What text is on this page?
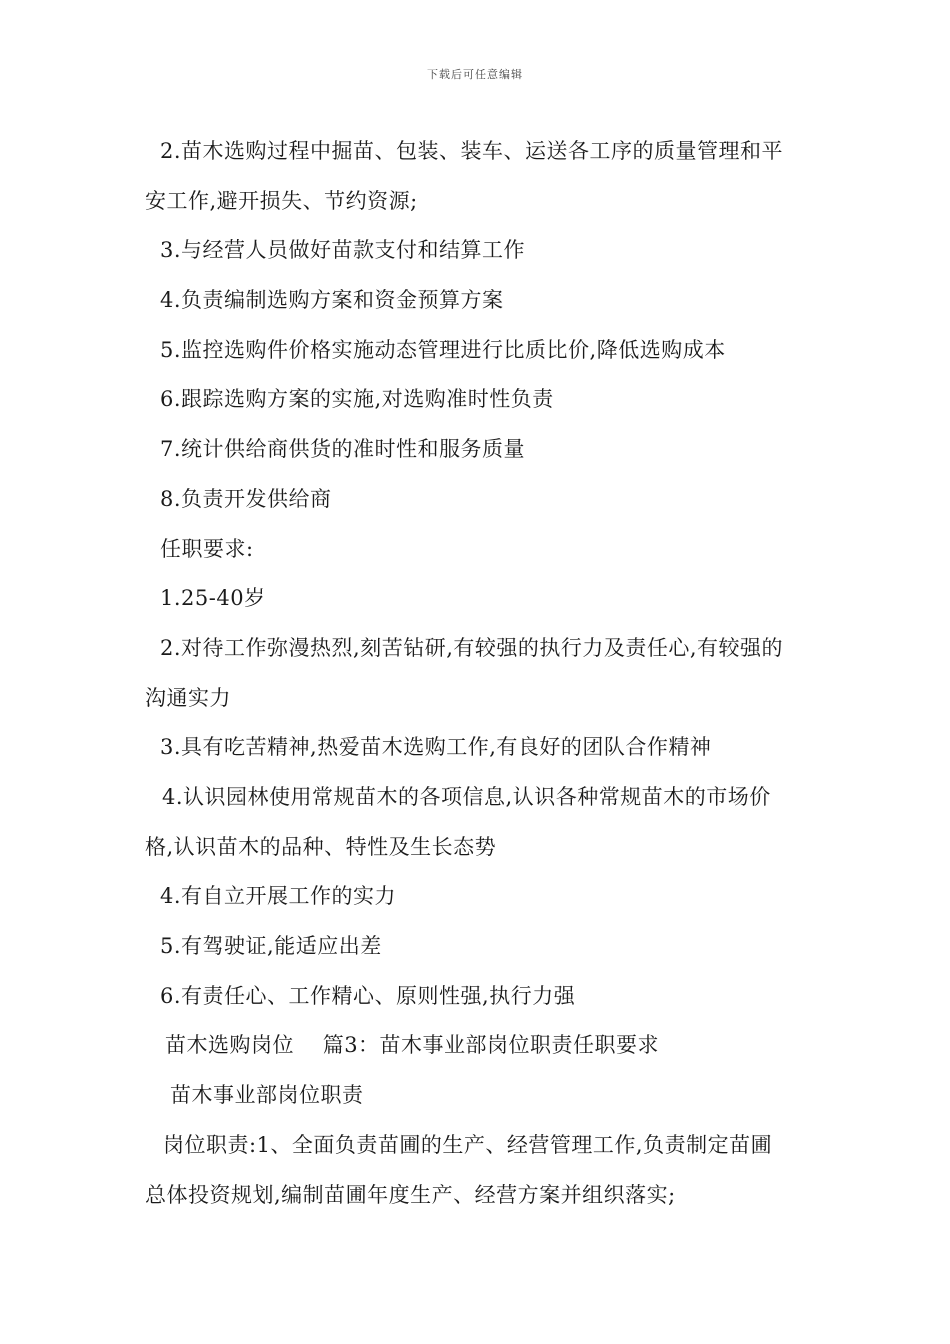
下载后可任意编辑
2.苗木选购过程中掘苗、包装、装车、运送各工序的质量管理和平
安工作,避开损失、节约资源;
3.与经营人员做好苗款支付和结算工作
4.负责编制选购方案和资金预算方案
5.监控选购件价格实施动态管理进行比质比价,降低选购成本
6.跟踪选购方案的实施,对选购准时性负责
7.统计供给商供货的准时性和服务质量
8.负责开发供给商
任职要求:
1.25-40岁
2.对待工作弥漫热烈,刻苦钻研,有较强的执行力及责任心,有较强的
沟通实力
3.具有吃苦精神,热爱苗木选购工作,有良好的团队合作精神
4.认识园林使用常规苗木的各项信息,认识各种常规苗木的市场价
格,认识苗木的品种、特性及生长态势
4.有自立开展工作的实力
5.有驾驶证,能适应出差
6.有责任心、工作精心、原则性强,执行力强
苗木选购岗位    篇3：苗木事业部岗位职责任职要求
苗木事业部岗位职责
岗位职责:1、全面负责苗圃的生产、经营管理工作,负责制定苗圃
总体投资规划,编制苗圃年度生产、经营方案并组织落实;
